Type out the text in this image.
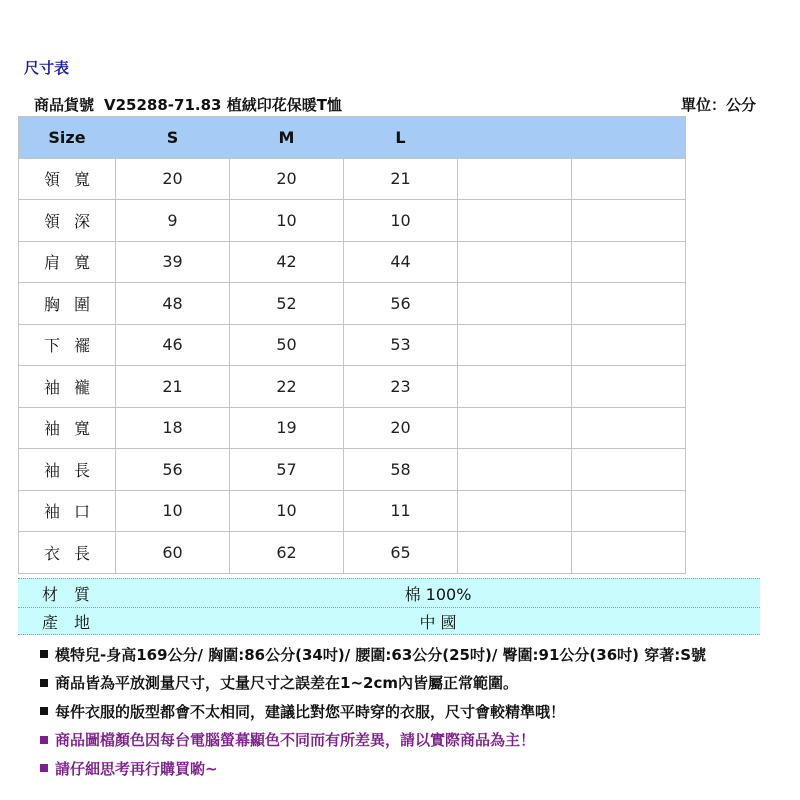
尺寸表
商品貨號 V25288-71.83 植絨印花保暖T恤	單位：公分
Size	S	M	L		
領寬	20	20	21		
領深	9	10	10		
肩寬	39	42	44		
胸圍	48	52	56		
下襬	46	50	53		
袖襱	21	22	23		
袖寬	18	19	20		
袖長	56	57	58		
袖口	10	10	11		
衣長	60	62	65		
材質	棉 100%
產地	中 國
模特兒-身高169公分/ 胸圍:86公分(34吋)/ 腰圍:63公分(25吋)/ 臀圍:91公分(36吋) 穿著:S號
商品皆為平放測量尺寸，丈量尺寸之誤差在1~2cm內皆屬正常範圍。
每件衣服的版型都會不太相同，建議比對您平時穿的衣服，尺寸會較精準哦！
商品圖檔顏色因每台電腦螢幕顯色不同而有所差異，請以實際商品為主！
請仔細思考再行購買喲~
